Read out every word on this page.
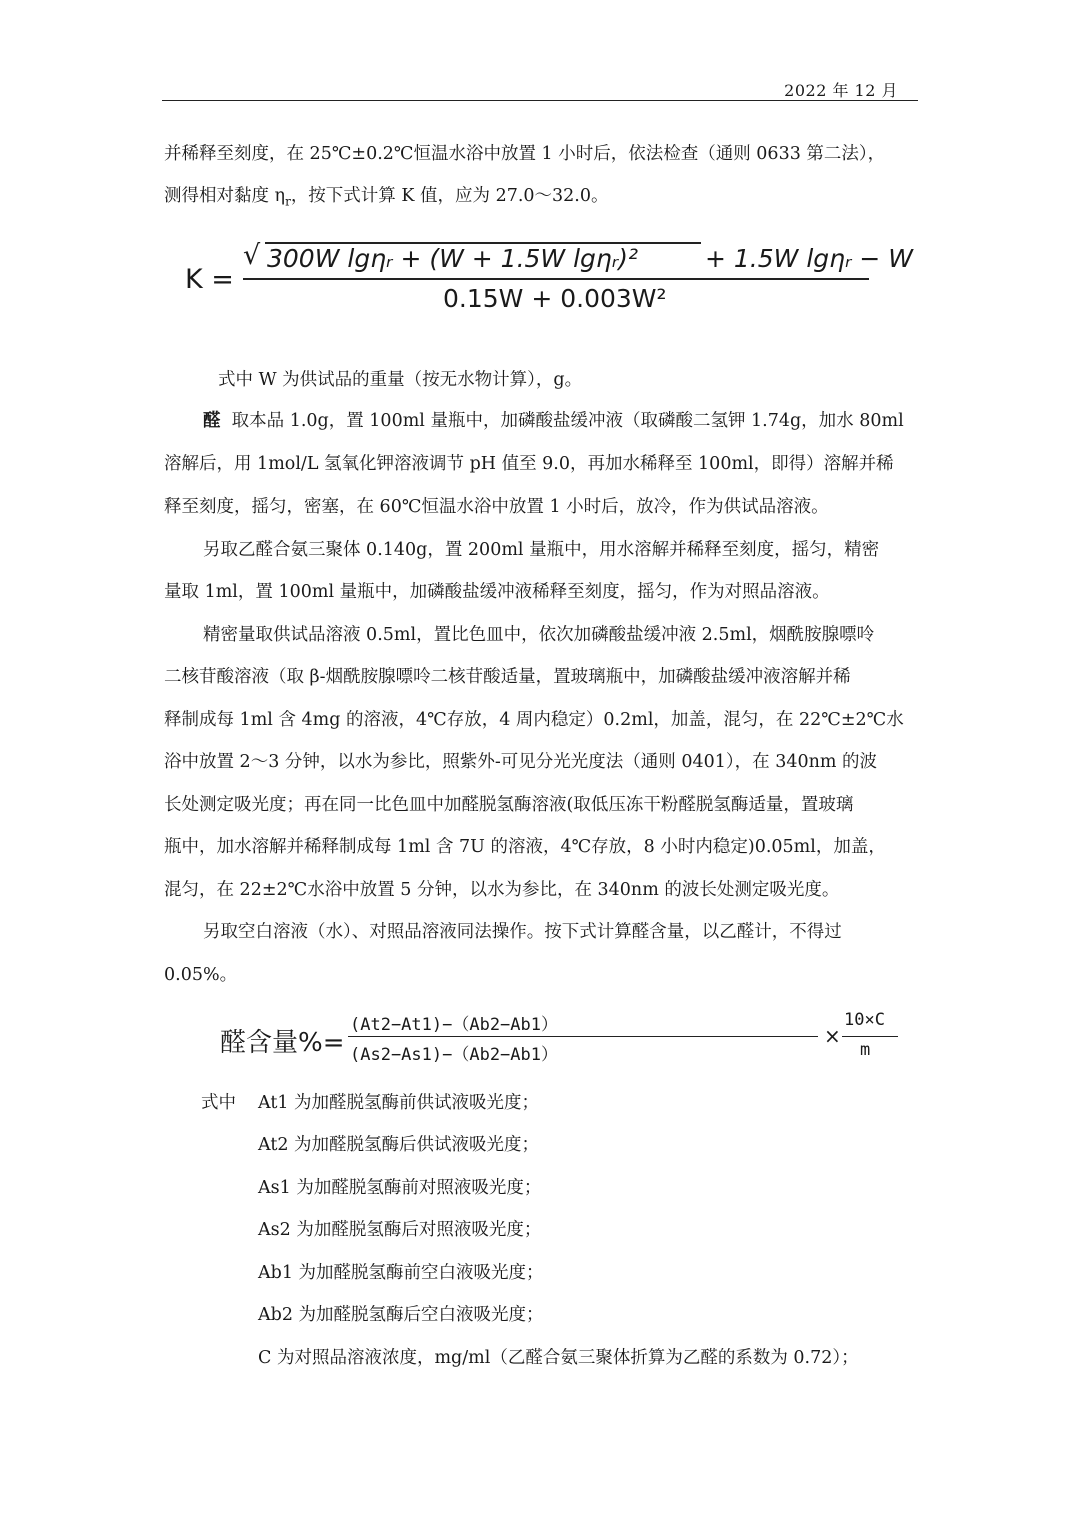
2022 年 12 月
并稀释至刻度，在 25℃±0.2℃恒温水浴中放置 1 小时后，依法检查（通则 0633 第二法），
测得相对黏度 $\eta_r$，按下式计算 K 值，应为 27.0～32.0。
K =
√ 300W lgηᵣ + (W + 1.5W lgηᵣ)²	+ 1.5W lgηᵣ − W
0.15W + 0.003W²
式中 W 为供试品的重量（按无水物计算），g。
醛 取本品 1.0g，置 100ml 量瓶中，加磷酸盐缓冲液（取磷酸二氢钾 1.74g，加水 80ml
溶解后，用 1mol/L 氢氧化钾溶液调节 pH 值至 9.0，再加水稀释至 100ml，即得）溶解并稀
释至刻度，摇匀，密塞，在 60℃恒温水浴中放置 1 小时后，放冷，作为供试品溶液。
另取乙醛合氨三聚体 0.140g，置 200ml 量瓶中，用水溶解并稀释至刻度，摇匀，精密
量取 1ml，置 100ml 量瓶中，加磷酸盐缓冲液稀释至刻度，摇匀，作为对照品溶液。
精密量取供试品溶液 0.5ml，置比色皿中，依次加磷酸盐缓冲液 2.5ml，烟酰胺腺嘌呤
二核苷酸溶液（取 β-烟酰胺腺嘌呤二核苷酸适量，置玻璃瓶中，加磷酸盐缓冲液溶解并稀
释制成每 1ml 含 4mg 的溶液，4℃存放，4 周内稳定）0.2ml，加盖，混匀，在 22℃±2℃水
浴中放置 2～3 分钟，以水为参比，照紫外-可见分光光度法（通则 0401），在 340nm 的波
长处测定吸光度；再在同一比色皿中加醛脱氢酶溶液(取低压冻干粉醛脱氢酶适量，置玻璃
瓶中，加水溶解并稀释制成每 1ml 含 7U 的溶液，4℃存放，8 小时内稳定)0.05ml，加盖，
混匀，在 22±2℃水浴中放置 5 分钟，以水为参比，在 340nm 的波长处测定吸光度。
另取空白溶液（水）、对照品溶液同法操作。按下式计算醛含量，以乙醛计，不得过
0.05%。
醛含量%=
(At2−At1)−（Ab2−Ab1）
(As2−As1)−（Ab2−Ab1）
×
10×C
m
式中	At1 为加醛脱氢酶前供试液吸光度；
At2 为加醛脱氢酶后供试液吸光度；
As1 为加醛脱氢酶前对照液吸光度；
As2 为加醛脱氢酶后对照液吸光度；
Ab1 为加醛脱氢酶前空白液吸光度；
Ab2 为加醛脱氢酶后空白液吸光度；
C 为对照品溶液浓度，mg/ml（乙醛合氨三聚体折算为乙醛的系数为 0.72）；
